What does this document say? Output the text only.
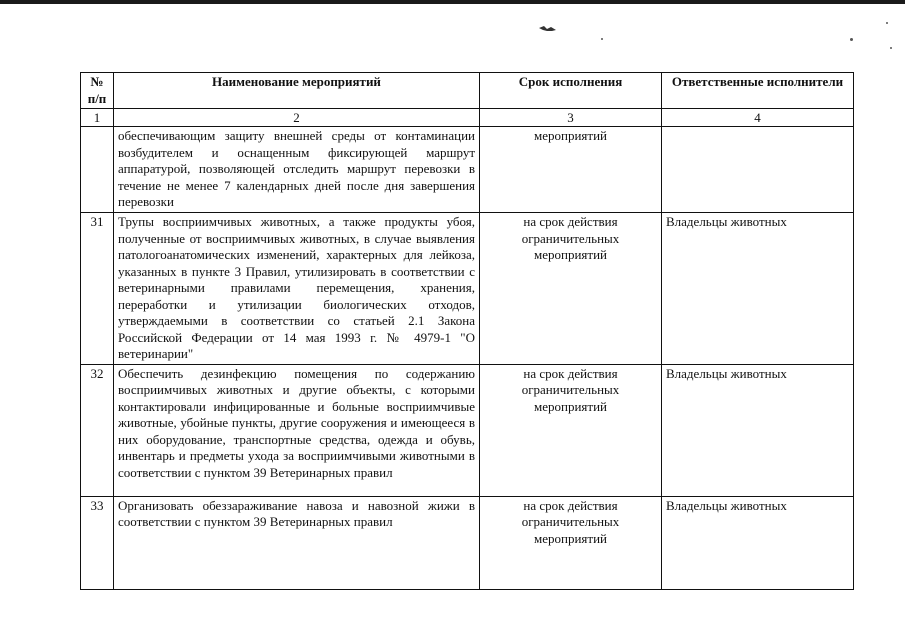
№ п/п	Наименование мероприятий	Срок исполнения	Ответственные исполнители
1	2	3	4
	обеспечивающим защиту внешней среды от контаминации возбудителем и оснащенным фиксирующей маршрут аппаратурой, позволяющей отследить маршрут перевозки в течение не менее 7 календарных дней после дня завершения перевозки	мероприятий	
31	Трупы восприимчивых животных, а также продукты убоя, полученные от восприимчивых животных, в случае выявления патологоанатомических изменений, характерных для лейкоза, указанных в пункте 3 Правил, утилизировать в соответствии с ветеринарными правилами перемещения, хранения, переработки и утилизации биологических отходов, утверждаемыми в соответствии со статьей 2.1 Закона Российской Федерации от 14 мая 1993 г. № 4979-1 "О ветеринарии"	на срок действия ограничительных мероприятий	Владельцы животных
32	Обеспечить дезинфекцию помещения по содержанию восприимчивых животных и другие объекты, с которыми контактировали инфицированные и больные восприимчивые животные, убойные пункты, другие сооружения и имеющееся в них оборудование, транспортные средства, одежда и обувь, инвентарь и предметы ухода за восприимчивыми животными в соответствии с пунктом 39 Ветеринарных правил	на срок действия ограничительных мероприятий	Владельцы животных
33	Организовать обеззараживание навоза и навозной жижи в соответствии с пунктом 39 Ветеринарных правил	на срок действия ограничительных мероприятий	Владельцы животных
